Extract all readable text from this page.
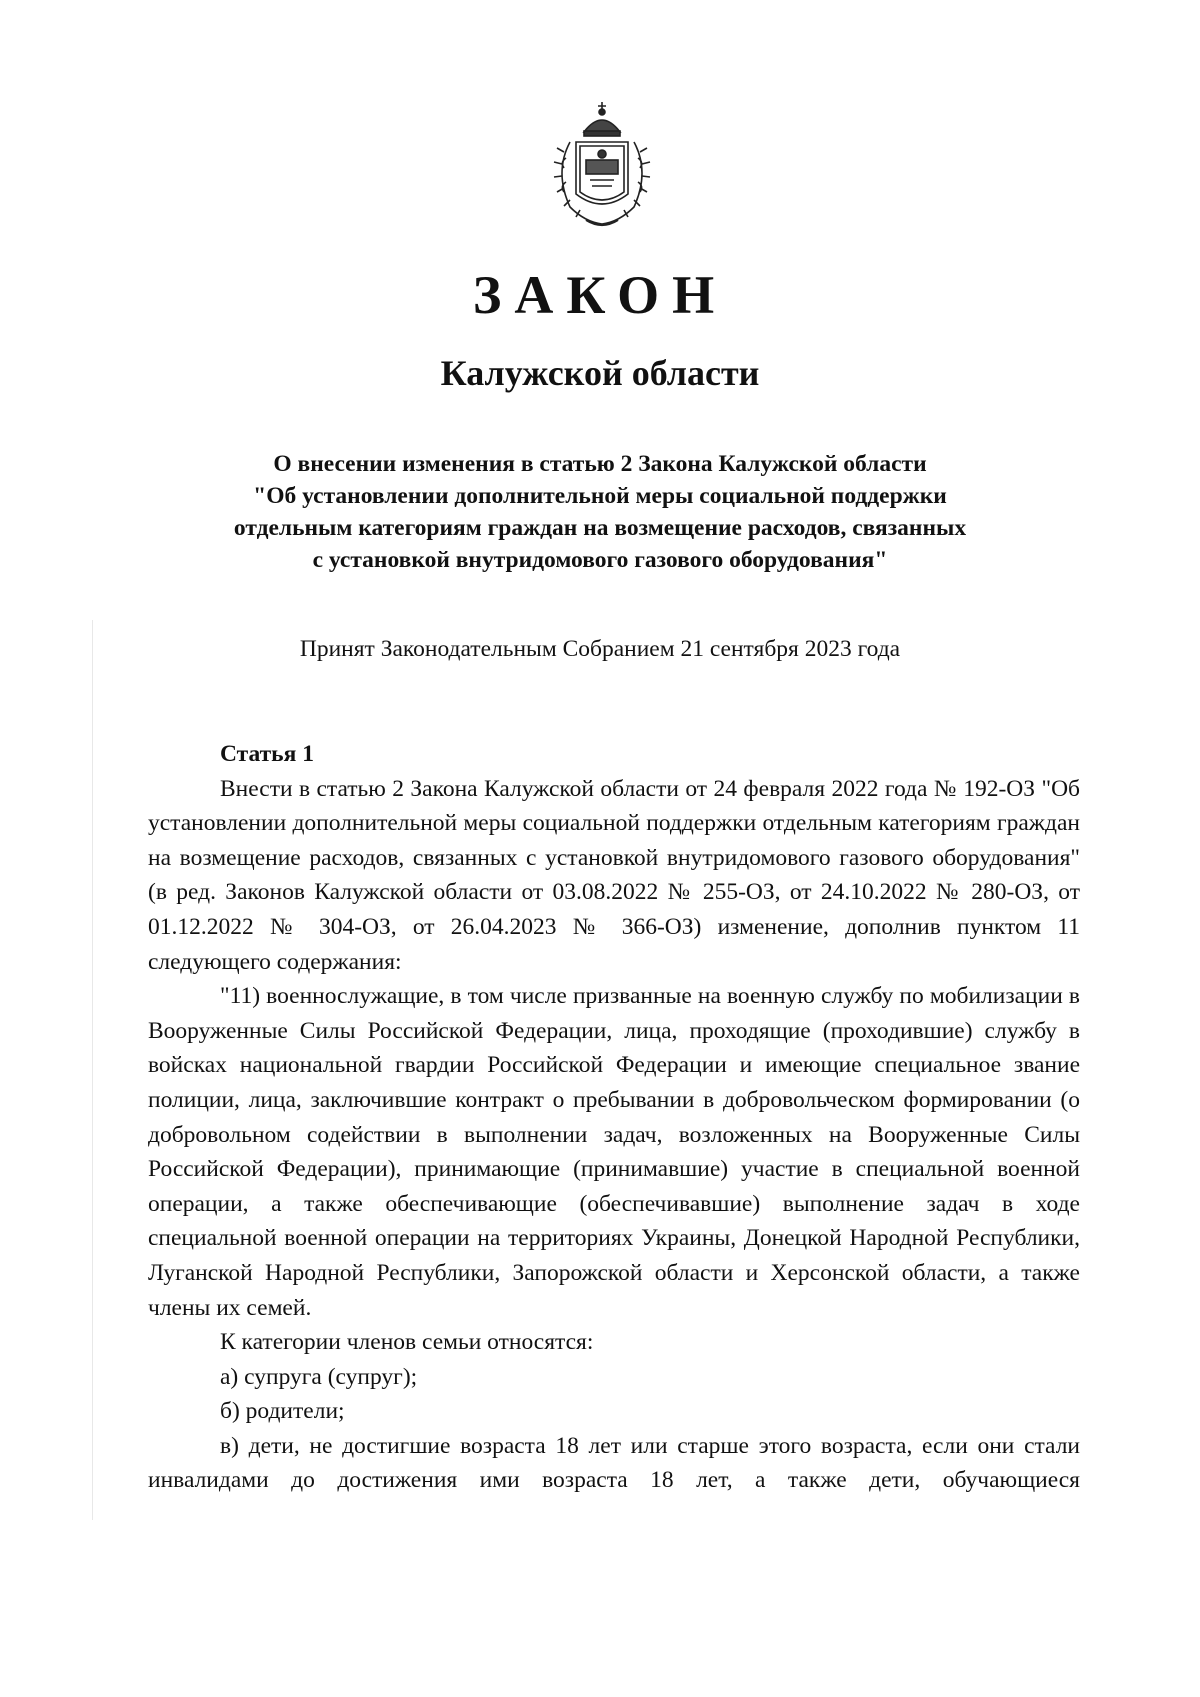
ЗАКОН
Калужской области
О внесении изменения в статью 2 Закона Калужской области
"Об установлении дополнительной меры социальной поддержки
отдельным категориям граждан на возмещение расходов, связанных
с установкой внутридомового газового оборудования"
Принят Законодательным Собранием 21 сентября 2023 года

Статья 1

Внести в статью 2 Закона Калужской области от 24 февраля 2022 года № 192-ОЗ "Об установлении дополнительной меры социальной поддержки отдельным категориям граждан на возмещение расходов, связанных с установкой внутридомового газового оборудования" (в ред. Законов Калужской области от 03.08.2022 № 255-ОЗ, от 24.10.2022 № 280-ОЗ, от 01.12.2022 № 304-ОЗ, от 26.04.2023 № 366-ОЗ) изменение, дополнив пунктом 11 следующего содержания:

"11) военнослужащие, в том числе призванные на военную службу по мобилизации в Вооруженные Силы Российской Федерации, лица, проходящие (проходившие) службу в войсках национальной гвардии Российской Федерации и имеющие специальное звание полиции, лица, заключившие контракт о пребывании в добровольческом формировании (о добровольном содействии в выполнении задач, возложенных на Вооруженные Силы Российской Федерации), принимающие (принимавшие) участие в специальной военной операции, а также обеспечивающие (обеспечивавшие) выполнение задач в ходе специальной военной операции на территориях Украины, Донецкой Народной Республики, Луганской Народной Республики, Запорожской области и Херсонской области, а также члены их семей.

К категории членов семьи относятся:

а) супруга (супруг);

б) родители;

в) дети, не достигшие возраста 18 лет или старше этого возраста, если они стали инвалидами до достижения ими возраста 18 лет, а также дети, обучающиеся
